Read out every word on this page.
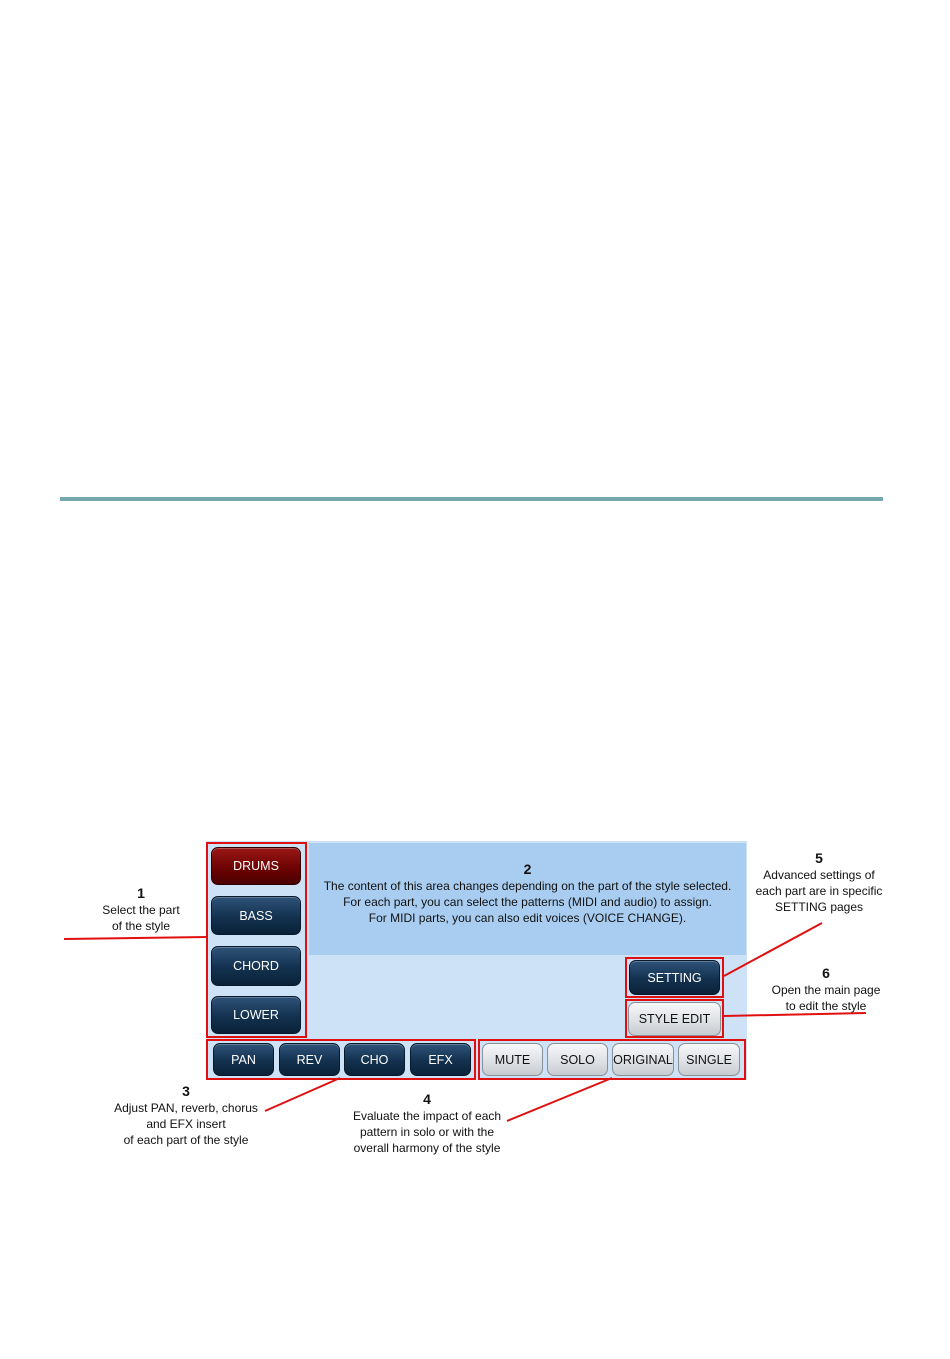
2
The content of this area changes depending on the part of the style selected.
For each part, you can select the patterns (MIDI and audio) to assign.
For MIDI parts, you can also edit voices (VOICE CHANGE).
DRUMS
BASS
CHORD
LOWER
PAN	REV	CHO	EFX	MUTE	SOLO	ORIGINAL	SINGLE
SETTING
STYLE EDIT
1
Select the part
of the style
3
Adjust PAN, reverb, chorus
and EFX insert
of each part of the style
4
Evaluate the impact of each
pattern in solo or with the
overall harmony of the style
5
Advanced settings of
each part are in specific
SETTING pages
6
Open the main page
to edit the style
